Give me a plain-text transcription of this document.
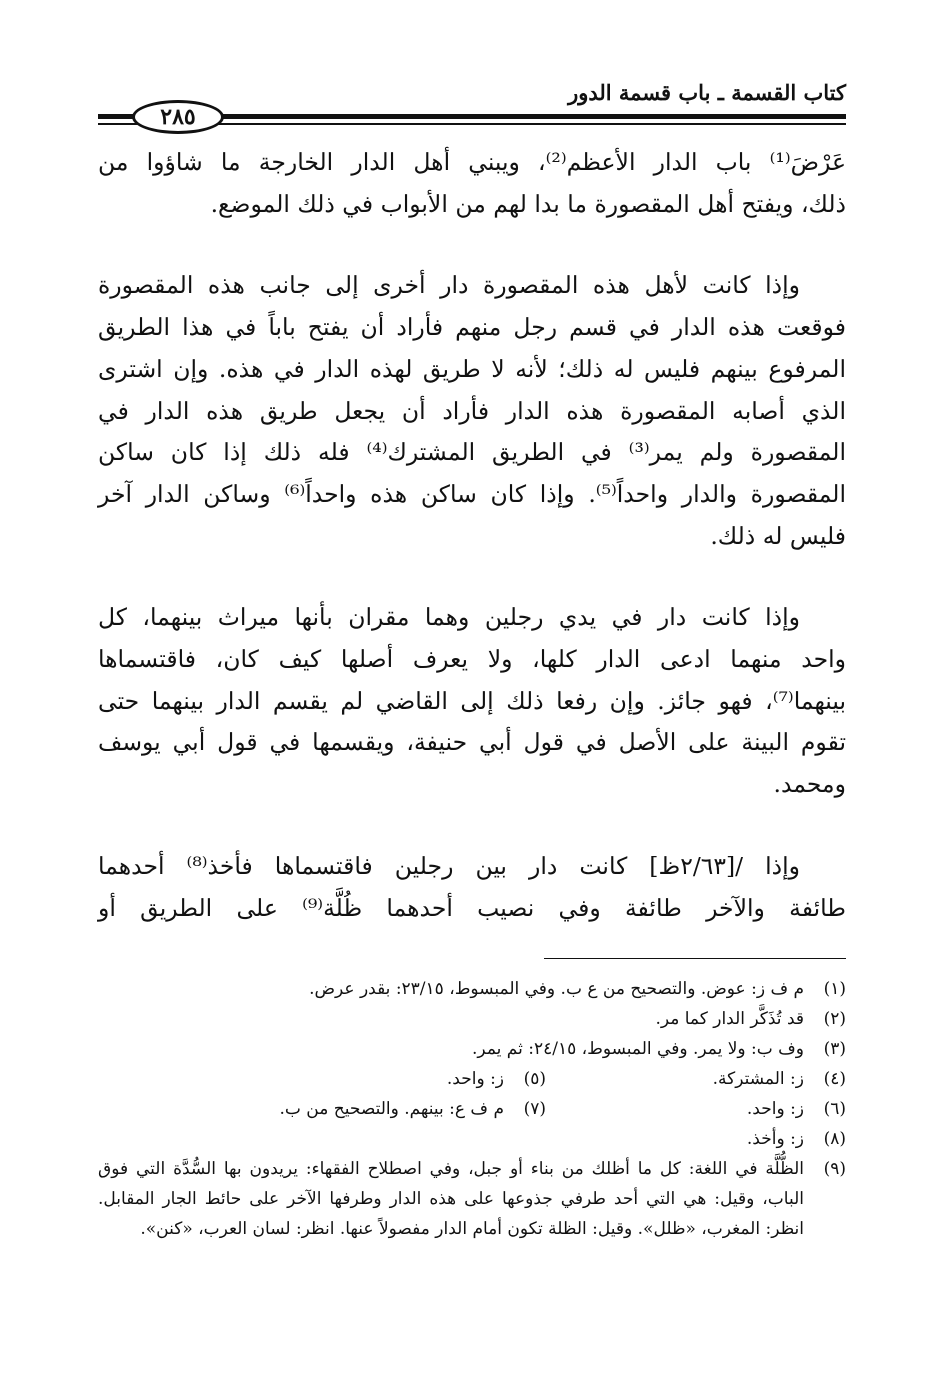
كتاب القسمة ـ باب قسمة الدور
٢٨٥

عَرْضَ⁽¹⁾ باب الدار الأعظم⁽²⁾، ويبني أهل الدار الخارجة ما شاؤوا من
ذلك، ويفتح أهل المقصورة ما بدا لهم من الأبواب في ذلك الموضع.

وإذا كانت لأهل هذه المقصورة دار أخرى إلى جانب هذه المقصورة
فوقعت هذه الدار في قسم رجل منهم فأراد أن يفتح باباً في هذا الطريق
المرفوع بينهم فليس له ذلك؛ لأنه لا طريق لهذه الدار في هذه. وإن اشترى
الذي أصابه المقصورة هذه الدار فأراد أن يجعل طريق هذه الدار في
المقصورة ولم يمر⁽³⁾ في الطريق المشترك⁽⁴⁾ فله ذلك إذا كان ساكن
المقصورة والدار واحداً⁽⁵⁾. وإذا كان ساكن هذه واحداً⁽⁶⁾ وساكن الدار آخر
فليس له ذلك.

وإذا كانت دار في يدي رجلين وهما مقران بأنها ميراث بينهما، كل
واحد منهما ادعى الدار كلها، ولا يعرف أصلها كيف كان، فاقتسماها
بينهما⁽⁷⁾، فهو جائز. وإن رفعا ذلك إلى القاضي لم يقسم الدار بينهما حتى
تقوم البينة على الأصل في قول أبي حنيفة، ويقسمها في قول أبي يوسف
ومحمد.

وإذا /[٢/٦٣ظ] كانت دار بين رجلين فاقتسماها فأخذ⁽⁸⁾ أحدهما
طائفة والآخر طائفة وفي نصيب أحدهما ظُلَّة⁽⁹⁾ على الطريق أو

(١)
م ف ز: عوض. والتصحيح من ع ب. وفي المبسوط، ٢٣/١٥: بقدر عرض.
(٢)
قد تُذَكَّر الدار كما مر.
(٣)
وف ب: ولا يمر. وفي المبسوط، ٢٤/١٥: ثم يمر.
(٤)
ز: المشتركة.
(٥)
ز: واحد.
(٦)
ز: واحد.
(٧)
م ف ع: بينهم. والتصحيح من ب.
(٨)
ز: وأخذ.
(٩)
الظُّلَّة في اللغة: كل ما أظلك من بناء أو جبل، وفي اصطلاح الفقهاء: يريدون بها السُّدَّة التي فوق الباب، وقيل: هي التي أحد طرفي جذوعها على هذه الدار وطرفها الآخر على حائط الجار المقابل. انظر: المغرب، «ظلل». وقيل: الظلة تكون أمام الدار مفصولاً عنها. انظر: لسان العرب، «كنن».
